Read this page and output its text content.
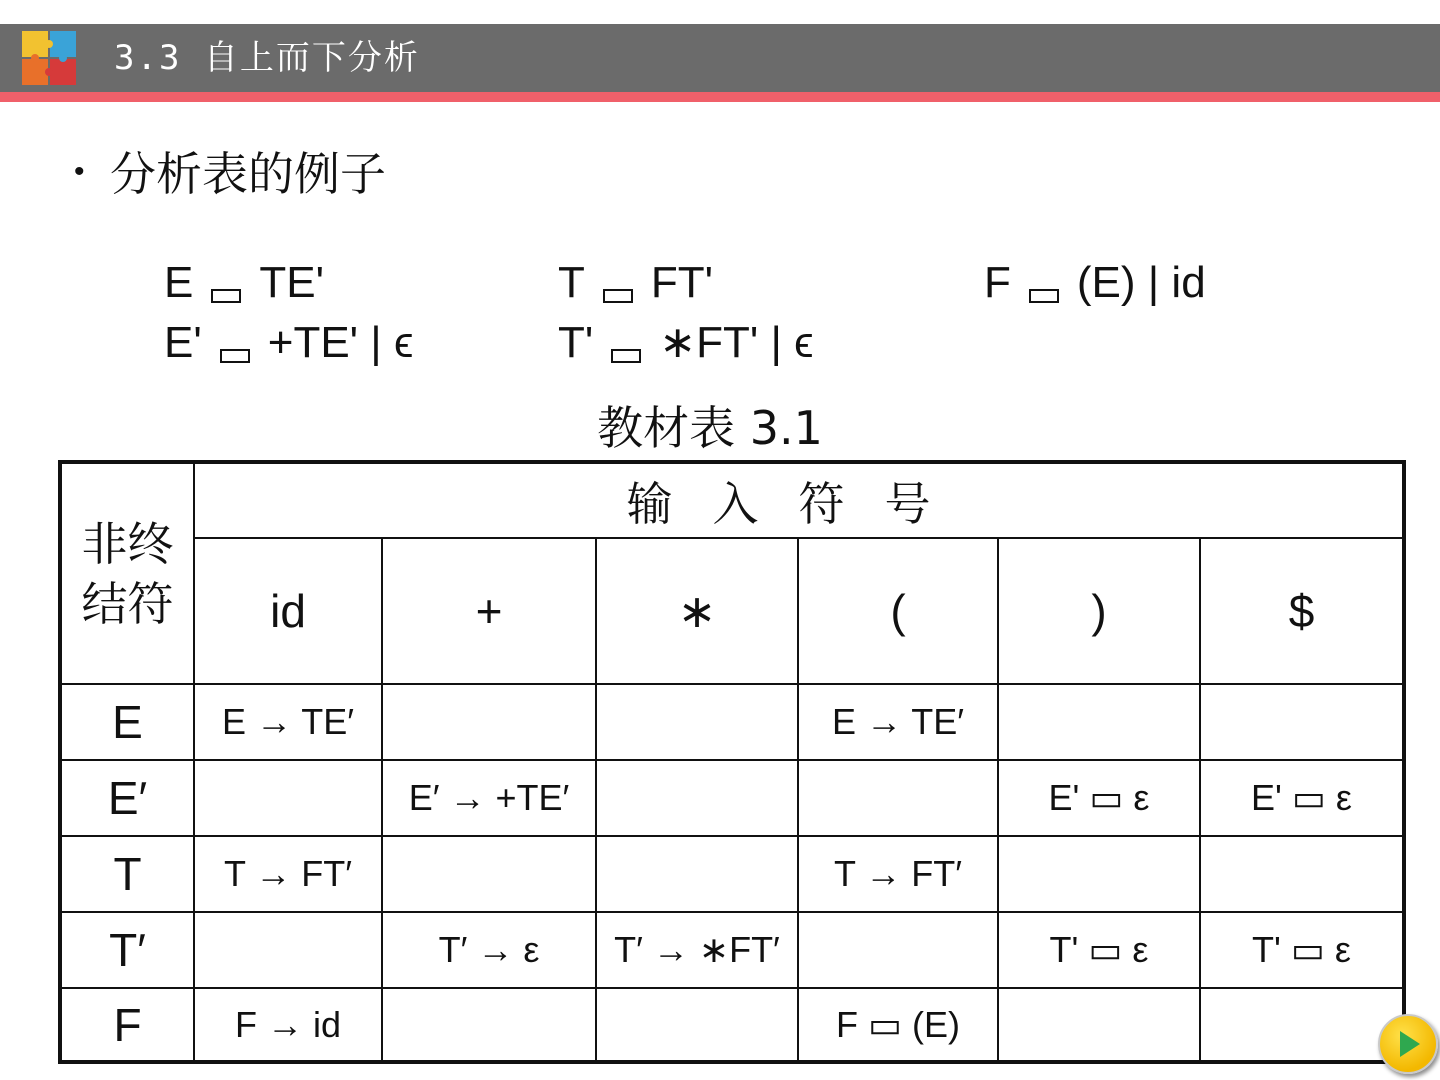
3.3 自上而下分析
• 分析表的例子
E TE'	T FT'	F (E) | id
E' +TE' | ϵ	T' ∗FT' | ϵ
教材表 3.1
非终
结符	输入符号					
	id	+	∗	(	)	$
E	E → TE′			E → TE′		
E′		E′ → +TE′			E' ▭ ε	E' ▭ ε
T	T → FT′			T → FT′		
T′		T′ → ε	T′ → ∗FT′		T' ▭ ε	T' ▭ ε
F	F → id			F ▭ (E)		
